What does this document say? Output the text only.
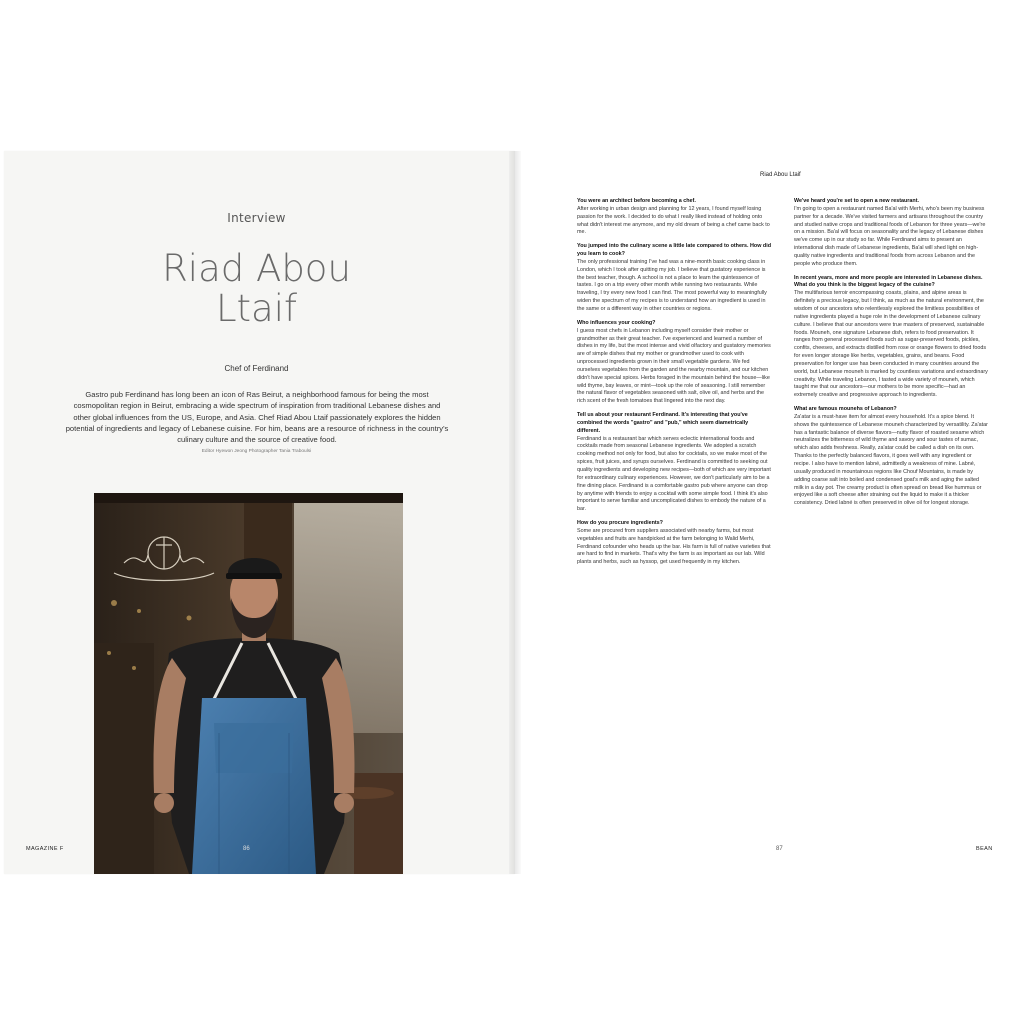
Interview
Riad Abou
Ltaif
Chef of Ferdinand
Gastro pub Ferdinand has long been an icon of Ras Beirut, a neighborhood famous for being the most cosmopolitan region in Beirut, embracing a wide spectrum of inspiration from traditional Lebanese dishes and other global influences from the US, Europe, and Asia. Chef Riad Abou Ltaif passionately explores the hidden potential of ingredients and legacy of Lebanese cuisine. For him, beans are a resource of richness in the country's culinary culture and the source of creative food.
Editor Hyewon Jeong Photographer Tania Traboulsi
MAGAZINE F	86
Riad Abou Ltaif

You were an architect before becoming a chef.

After working in urban design and planning for 12 years, I found myself losing passion for the work. I decided to do what I really liked instead of holding onto what didn't interest me anymore, and my old dream of being a chef came back to me.

You jumped into the culinary scene a little late compared to others. How did you learn to cook?

The only professional training I've had was a nine-month basic cooking class in London, which I took after quitting my job. I believe that gustatory experience is the best teacher, though. A school is not a place to learn the quintessence of tastes. I go on a trip every other month while running two restaurants. While traveling, I try every new food I can find. The most powerful way to meaningfully widen the spectrum of my recipes is to understand how an ingredient is used in the same or a different way in other countries or regions.

Who influences your cooking?

I guess most chefs in Lebanon including myself consider their mother or grandmother as their great teacher. I've experienced and learned a number of dishes in my life, but the most intense and vivid olfactory and gustatory memories are of simple dishes that my mother or grandmother used to cook with unprocessed ingredients grown in their small vegetable gardens. We fed ourselves vegetables from the garden and the nearby mountain, and our kitchen didn't have special spices. Herbs foraged in the mountain behind the house—like wild thyme, bay leaves, or mint—took up the role of seasoning. I still remember the natural flavor of vegetables seasoned with salt, olive oil, and herbs and the rich scent of the fresh tomatoes that lingered into the next day.

Tell us about your restaurant Ferdinand. It's interesting that you've combined the words "gastro" and "pub," which seem diametrically different.

Ferdinand is a restaurant bar which serves eclectic international foods and cocktails made from seasonal Lebanese ingredients. We adopted a scratch cooking method not only for food, but also for cocktails, so we make most of the spices, fruit juices, and syrups ourselves. Ferdinand is committed to seeking out quality ingredients and developing new recipes—both of which are very important for extraordinary culinary experiences. However, we don't particularly aim to be a fine dining place. Ferdinand is a comfortable gastro pub where anyone can drop by anytime with friends to enjoy a cocktail with some simple food. I think it's also important to serve familiar and uncomplicated dishes to embody the nature of a bar.

How do you procure ingredients?

Some are procured from suppliers associated with nearby farms, but most vegetables and fruits are handpicked at the farm belonging to Walid Merhi, Ferdinand cofounder who heads up the bar. His farm is full of native varieties that are hard to find in markets. That's why the farm is as important as our lab. Wild plants and herbs, such as hyssop, get used frequently in my kitchen.

We've heard you're set to open a new restaurant.

I'm going to open a restaurant named Ba'al with Merhi, who's been my business partner for a decade. We've visited farmers and artisans throughout the country and studied native crops and traditional foods of Lebanon for three years—we're on a mission. Ba'al will focus on seasonality and the legacy of Lebanese dishes we've come up in our study so far. While Ferdinand aims to present an international dish made of Lebanese ingredients, Ba'al will shed light on high-quality native ingredients and traditional foods from across Lebanon and the people who produce them.

In recent years, more and more people are interested in Lebanese dishes. What do you think is the biggest legacy of the cuisine?

The multifarious terroir encompassing coasts, plains, and alpine areas is definitely a precious legacy, but I think, as much as the natural environment, the wisdom of our ancestors who relentlessly explored the limitless possibilities of native ingredients played a huge role in the development of Lebanese culinary culture. I believe that our ancestors were true masters of preserved, sustainable foods. Mouneh, one signature Lebanese dish, refers to food preservation. It ranges from general processed foods such as sugar-preserved foods, pickles, confits, cheeses, and extracts distilled from rose or orange flowers to dried foods for even longer storage like herbs, vegetables, grains, and beans. Food preservation for longer use has been conducted in many countries around the world, but Lebanese mouneh is marked by countless variations and extraordinary creativity. While traveling Lebanon, I tasted a wide variety of mouneh, which taught me that our ancestors—our mothers to be more specific—had an extremely creative and progressive approach to ingredients.

What are famous mounehs of Lebanon?

Za'atar is a must-have item for almost every household. It's a spice blend. It shows the quintessence of Lebanese mouneh characterized by versatility. Za'atar has a fantastic balance of diverse flavors—nutty flavor of roasted sesame which neutralizes the bitterness of wild thyme and savory and sour tastes of sumac, which also adds freshness. Really, za'atar could be called a dish on its own. Thanks to the perfectly balanced flavors, it goes well with any ingredient or recipe. I also have to mention labné, admittedly a weakness of mine. Labné, usually produced in mountainous regions like Chouf Mountains, is made by adding coarse salt into boiled and condensed goat's milk and aging the salted milk in a day pot. The creamy product is often spread on bread like hummus or enjoyed like a soft cheese after straining out the liquid to make it a thicker consistency. Dried labné is often preserved in olive oil for longest storage.

87	BEAN
